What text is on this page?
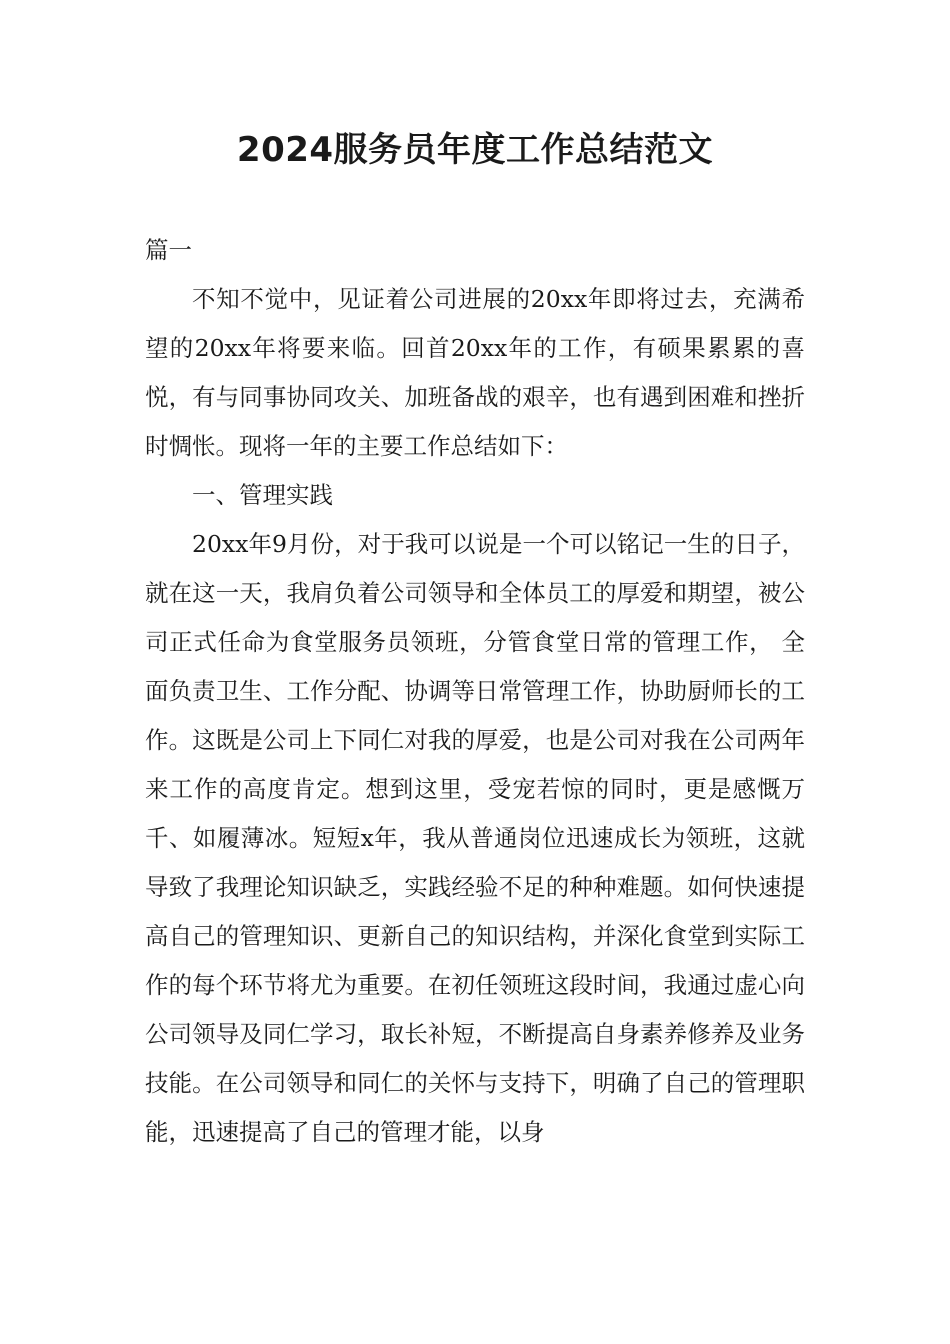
2024服务员年度工作总结范文

篇一

不知不觉中，见证着公司进展的20xx年即将过去，充满希望的20xx年将要来临。回首20xx年的工作，有硕果累累的喜悦，有与同事协同攻关、加班备战的艰辛，也有遇到困难和挫折时惆怅。现将一年的主要工作总结如下：

一、管理实践

20xx年9月份，对于我可以说是一个可以铭记一生的日子，就在这一天，我肩负着公司领导和全体员工的厚爱和期望，被公司正式任命为食堂服务员领班，分管食堂日常的管理工作， 全面负责卫生、工作分配、协调等日常管理工作，协助厨师长的工作。这既是公司上下同仁对我的厚爱，也是公司对我在公司两年来工作的高度肯定。想到这里，受宠若惊的同时，更是感慨万千、如履薄冰。短短x年，我从普通岗位迅速成长为领班，这就导致了我理论知识缺乏，实践经验不足的种种难题。如何快速提高自己的管理知识、更新自己的知识结构，并深化食堂到实际工作的每个环节将尤为重要。在初任领班这段时间，我通过虚心向公司领导及同仁学习，取长补短，不断提高自身素养修养及业务技能。在公司领导和同仁的关怀与支持下，明确了自己的管理职能，迅速提高了自己的管理才能，以身
